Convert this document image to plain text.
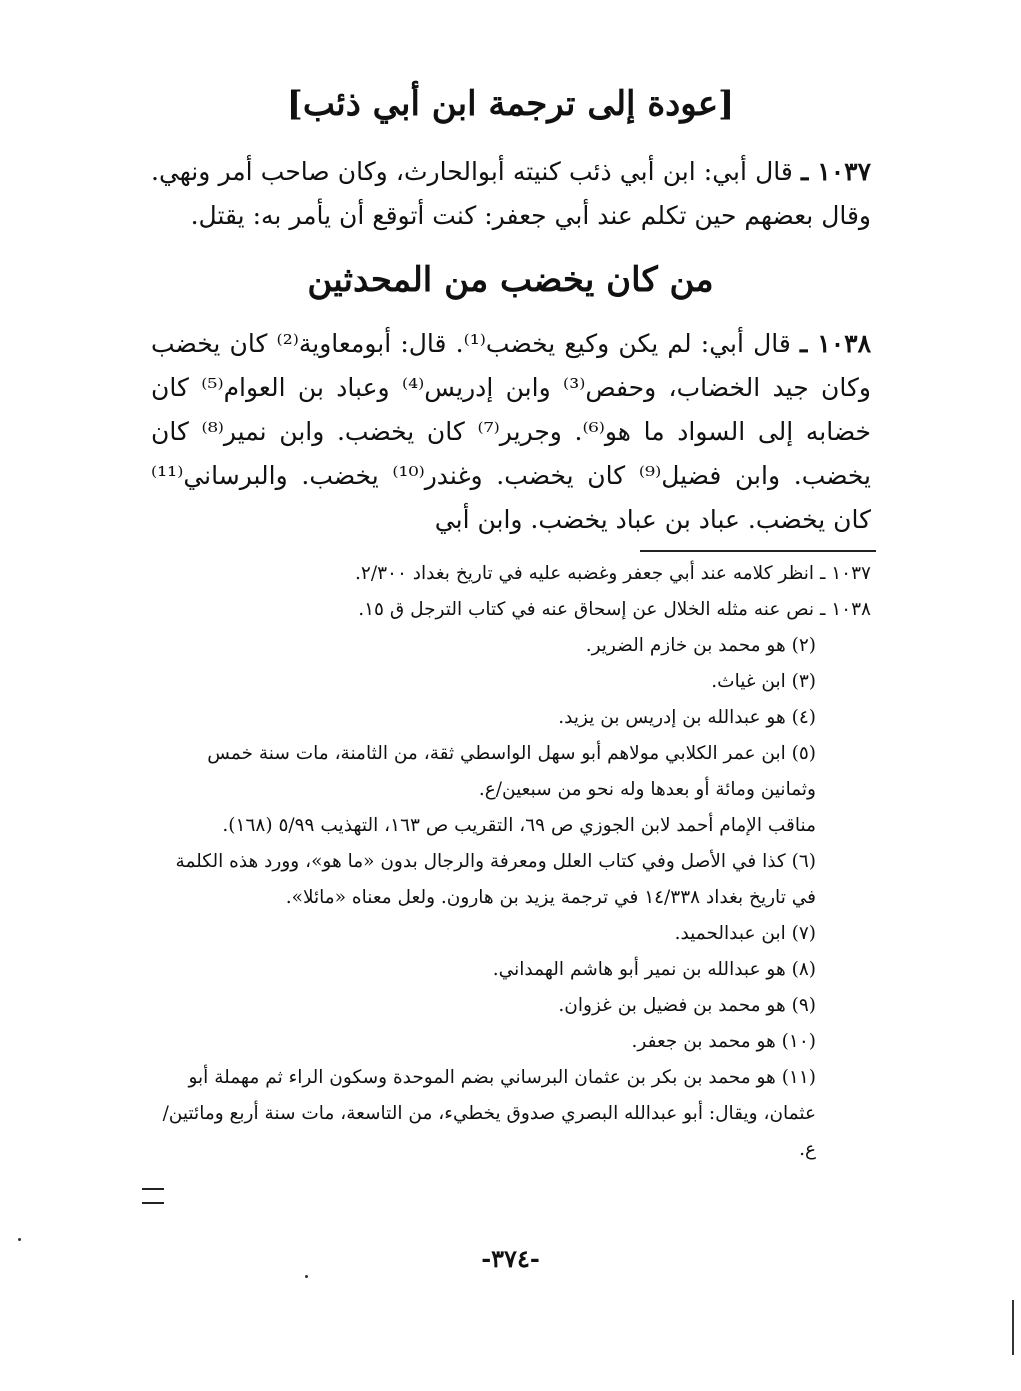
[عودة إلى ترجمة ابن أبي ذئب]
١٠٣٧ ـ قال أبي: ابن أبي ذئب كنيته أبوالحارث، وكان صاحب أمر ونهي. وقال بعضهم حين تكلم عند أبي جعفر: كنت أتوقع أن يأمر به: يقتل.
من كان يخضب من المحدثين
١٠٣٨ ـ قال أبي: لم يكن وكيع يخضب⁽¹⁾. قال: أبومعاوية⁽²⁾ كان يخضب وكان جيد الخضاب، وحفص⁽³⁾ وابن إدريس⁽⁴⁾ وعباد بن العوام⁽⁵⁾ كان خضابه إلى السواد ما هو⁽⁶⁾. وجرير⁽⁷⁾ كان يخضب. وابن نمير⁽⁸⁾ كان يخضب. وابن فضيل⁽⁹⁾ كان يخضب. وغندر⁽¹⁰⁾ يخضب. والبرساني⁽¹¹⁾ كان يخضب. عباد بن عباد يخضب. وابن أبي
١٠٣٧ ـ انظر كلامه عند أبي جعفر وغضبه عليه في تاريخ بغداد ٢/٣٠٠.
١٠٣٨ ـ نص عنه مثله الخلال عن إسحاق عنه في كتاب الترجل ق ١٥.
(٢) هو محمد بن خازم الضرير.
(٣) ابن غياث.
(٤) هو عبدالله بن إدريس بن يزيد.
(٥) ابن عمر الكلابي مولاهم أبو سهل الواسطي ثقة، من الثامنة، مات سنة خمس وثمانين ومائة أو بعدها وله نحو من سبعين/ع.
مناقب الإمام أحمد لابن الجوزي ص ٦٩، التقريب ص ١٦٣، التهذيب ٥/٩٩ (١٦٨).
(٦) كذا في الأصل وفي كتاب العلل ومعرفة والرجال بدون «ما هو»، وورد هذه الكلمة في تاريخ بغداد ١٤/٣٣٨ في ترجمة يزيد بن هارون. ولعل معناه «مائلا».
(٧) ابن عبدالحميد.
(٨) هو عبدالله بن نمير أبو هاشم الهمداني.
(٩) هو محمد بن فضيل بن غزوان.
(١٠) هو محمد بن جعفر.
(١١) هو محمد بن بكر بن عثمان البرساني بضم الموحدة وسكون الراء ثم مهملة أبو عثمان، ويقال: أبو عبدالله البصري صدوق يخطيء، من التاسعة، مات سنة أربع ومائتين/ع.
-٣٧٤-
